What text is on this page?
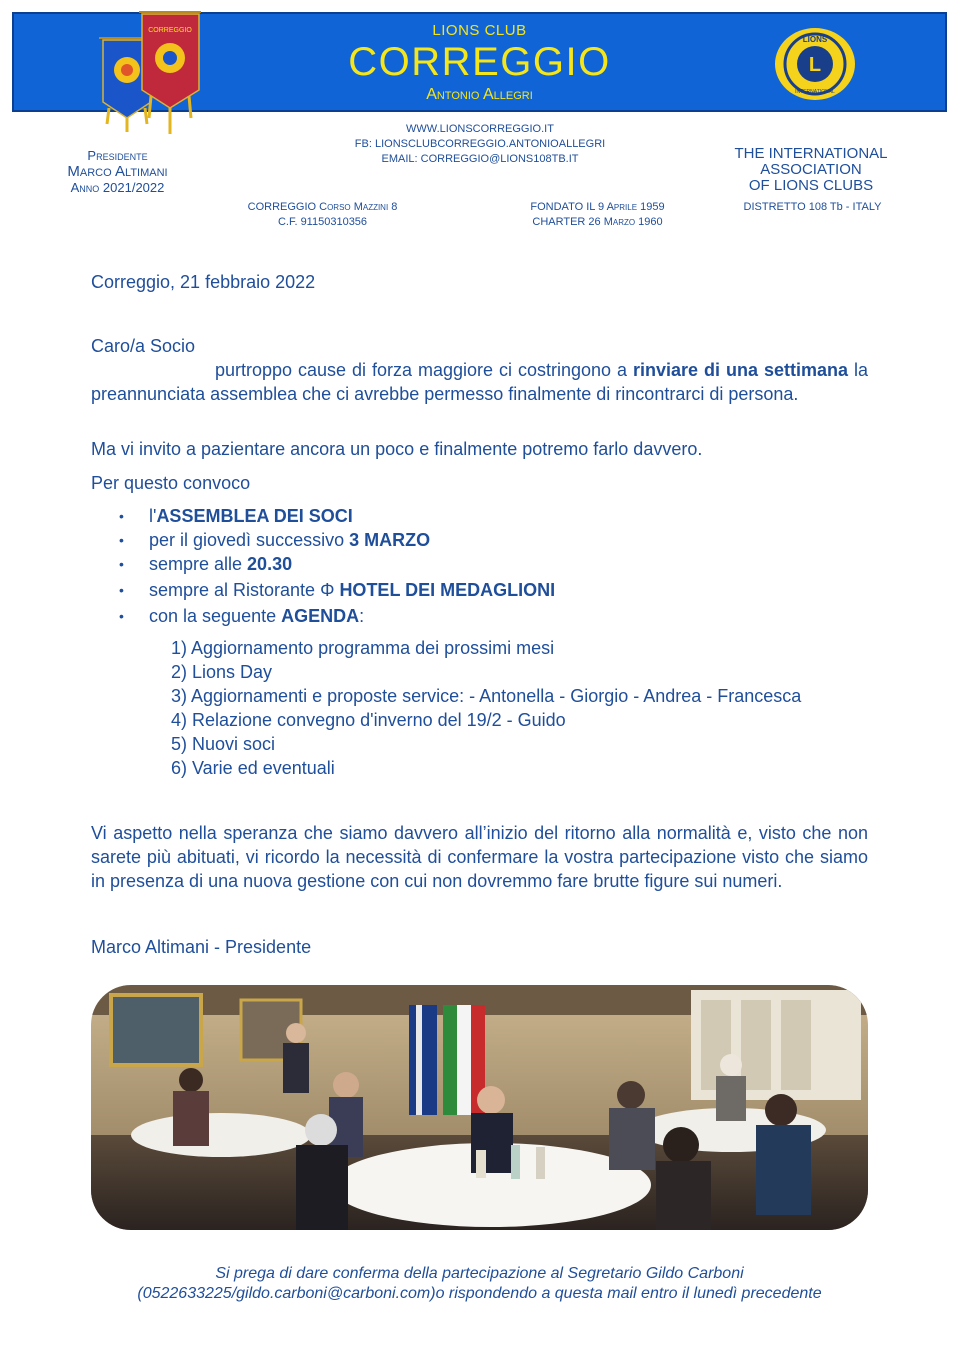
LIONS CLUB
CORREGGIO
Antonio Allegri
CORREGGIO
L
LIONS
INTERNATIONAL
Presidente
Marco Altimani
Anno 2021/2022
WWW.LIONSCORREGGIO.IT
FB: LIONSCLUBCORREGGIO.ANTONIOALLEGRI
EMAIL: CORREGGIO@LIONS108TB.IT	THE INTERNATIONAL
ASSOCIATION
OF LIONS CLUBS
CORREGGIO Corso Mazzini 8
C.F. 91150310356
FONDATO IL 9 Aprile 1959
CHARTER 26 Marzo 1960
DISTRETTO 108 Tb - ITALY
Correggio, 21 febbraio 2022
Caro/a Socio
purtroppo cause di forza maggiore ci costringono a rinviare di una settimana la preannunciata assemblea che ci avrebbe permesso finalmente di rincontrarci di persona.
Ma vi invito a pazientare ancora un poco e finalmente potremo farlo davvero.
Per questo convoco
• l'ASSEMBLEA DEI SOCI
• per il giovedì successivo 3 MARZO
• sempre alle 20.30
• sempre al Ristorante Φ HOTEL DEI MEDAGLIONI
• con la seguente AGENDA:
1) Aggiornamento programma dei prossimi mesi
2) Lions Day
3) Aggiornamenti e proposte service: - Antonella - Giorgio - Andrea - Francesca
4) Relazione convegno d'inverno del 19/2 - Guido
5) Nuovi soci
6) Varie ed eventuali
Vi aspetto nella speranza che siamo davvero all’inizio del ritorno alla normalità e, visto che non sarete più abituati, vi ricordo la necessità di confermare la vostra partecipazione visto che siamo in presenza di una nuova gestione con cui non dovremmo fare brutte figure sui numeri.
Marco Altimani - Presidente
Si prega di dare conferma della partecipazione al Segretario Gildo Carboni
(0522633225/gildo.carboni@carboni.com)o rispondendo a questa mail entro il lunedì precedente
